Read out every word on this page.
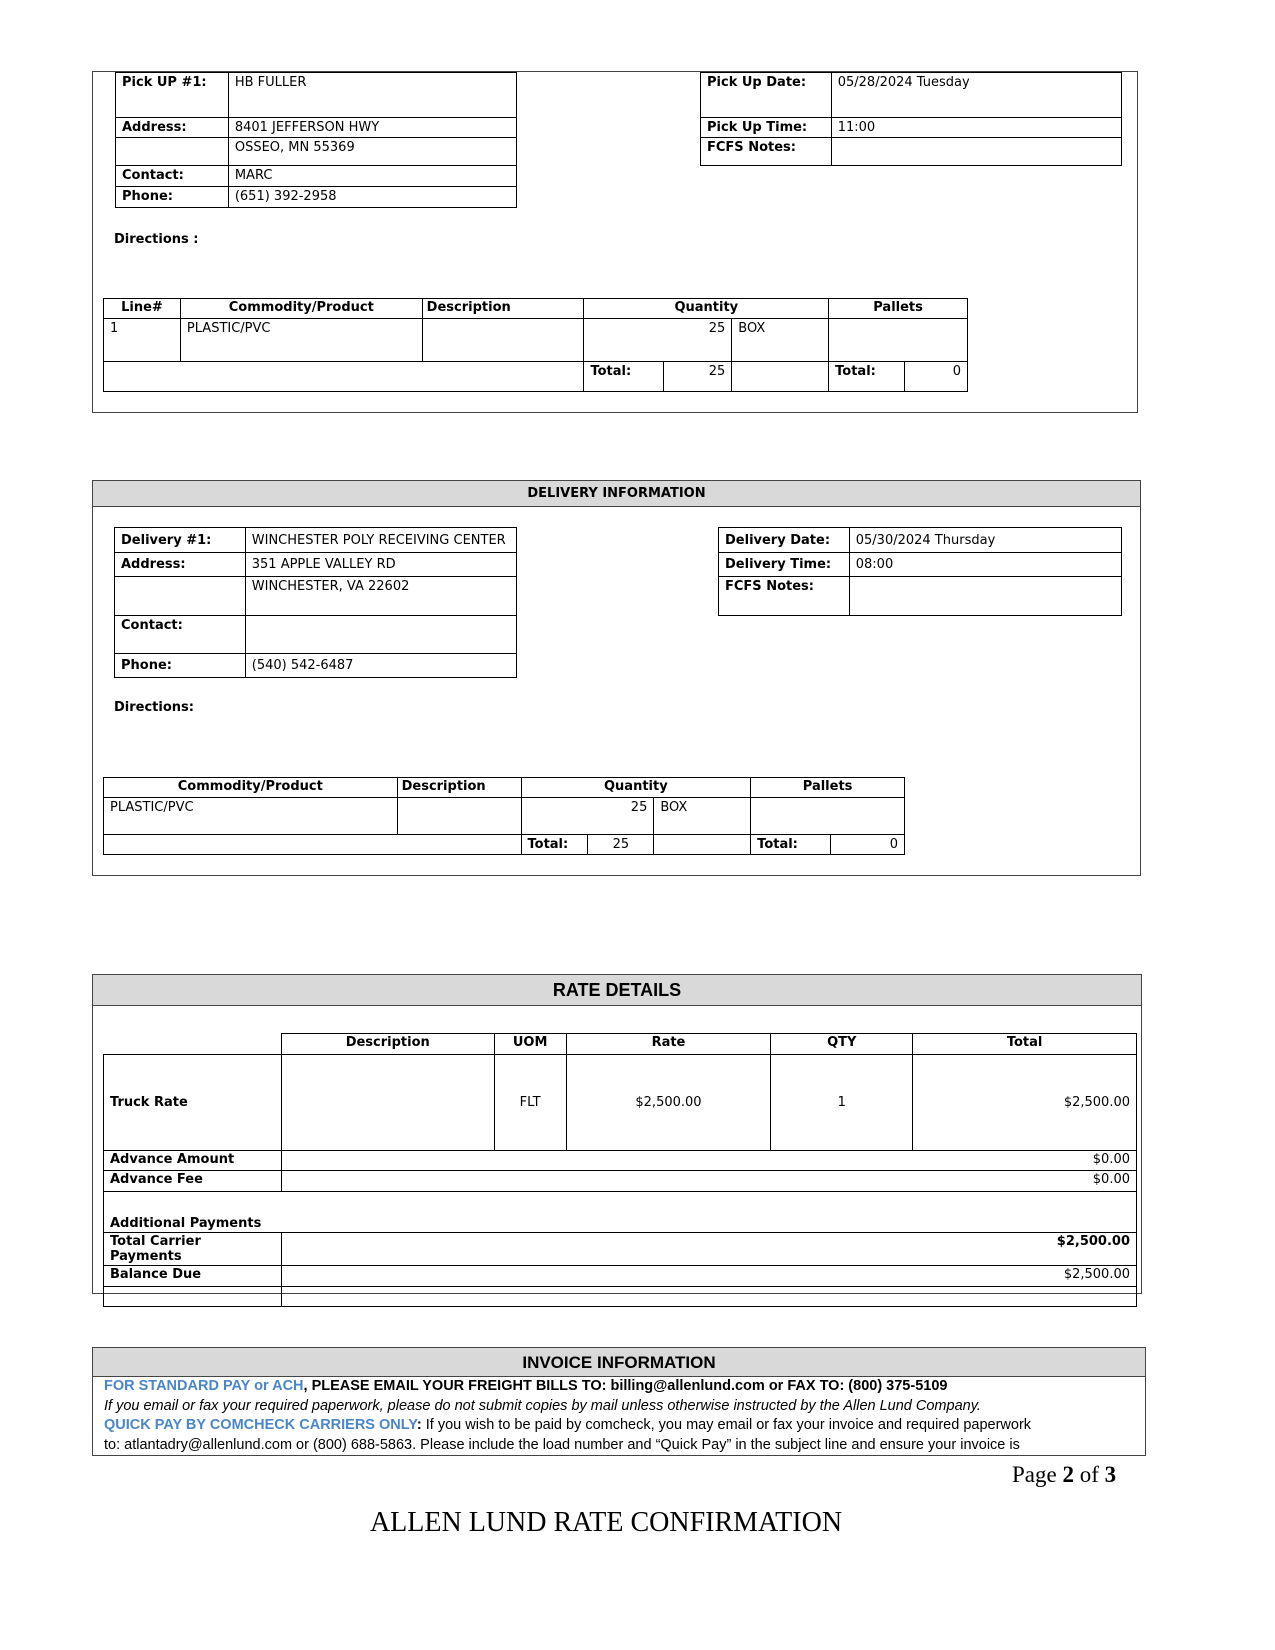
Pick UP #1:	HB FULLER
Address:	8401 JEFFERSON HWY
	OSSEO, MN 55369
Contact:	MARC
Phone:	(651) 392-2958
Pick Up Date:	05/28/2024 Tuesday
Pick Up Time:	11:00
FCFS Notes:	
Directions :
Line#	Commodity/Product	Description	Quantity			Pallets	
1	PLASTIC/PVC		25		BOX		
			Total:	25		Total:	0
DELIVERY INFORMATION
Delivery #1:	WINCHESTER POLY RECEIVING CENTER
Address:	351 APPLE VALLEY RD
	WINCHESTER, VA 22602
Contact:	
Phone:	(540) 542-6487
Delivery Date:	05/30/2024 Thursday
Delivery Time:	08:00
FCFS Notes:	
Directions:
Commodity/Product	Description	Quantity			Pallets	
PLASTIC/PVC		25		BOX		
		Total:	25		Total:	0
RATE DETAILS
	Description	UOM	Rate	QTY	Total
Truck Rate		FLT	$2,500.00	1	$2,500.00
Advance Amount	$0.00				
Advance Fee	$0.00				
Additional Payments					
Total Carrier Payments	$2,500.00				
Balance Due	$2,500.00				

INVOICE INFORMATION
FOR STANDARD PAY or ACH, PLEASE EMAIL YOUR FREIGHT BILLS TO: billing@allenlund.com or FAX TO: (800) 375-5109
If you email or fax your required paperwork, please do not submit copies by mail unless otherwise instructed by the Allen Lund Company.
QUICK PAY BY COMCHECK CARRIERS ONLY: If you wish to be paid by comcheck, you may email or fax your invoice and required paperwork
to: atlantadry@allenlund.com or (800) 688-5863. Please include the load number and “Quick Pay” in the subject line and ensure your invoice is
Page 2 of 3
ALLEN LUND RATE CONFIRMATION
